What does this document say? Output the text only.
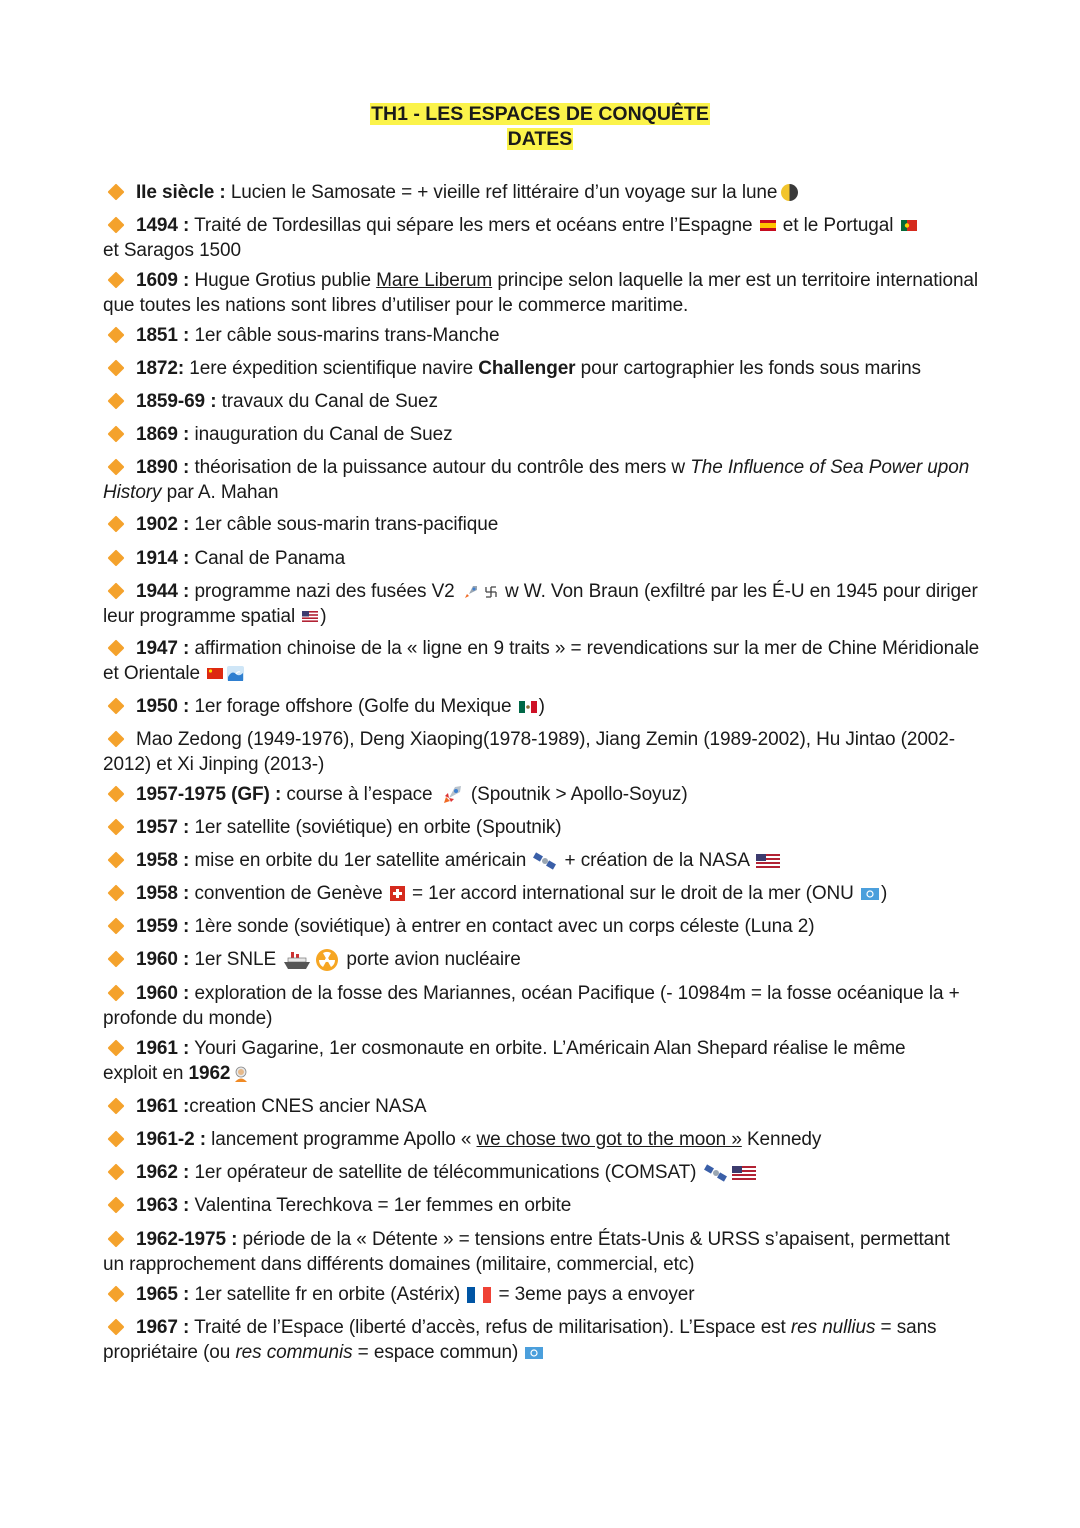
TH1 - LES ESPACES DE CONQUÊTE
DATES
IIe siècle : Lucien le Samosate = + vieille ref littéraire d’un voyage sur la lune
1494 : Traité de Tordesillas qui sépare les mers et océans entre l’Espagne
et le Portugal

et Saragos 1500
1609 : Hugue Grotius publie Mare Liberum principe selon laquelle la mer est un territoire international que toutes les nations sont libres d’utiliser pour le commerce maritime.
1851 : 1er câble sous-marins trans-Manche
1872: 1ere éxpedition scientifique navire Challenger pour cartographier les fonds sous marins
1859-69 : travaux du Canal de Suez
1869 : inauguration du Canal de Suez
1890 : théorisation de la puissance autour du contrôle des mers w The Influence of Sea Power upon History par A. Mahan
1902 : 1er câble sous-marin trans-pacifique
1914 : Canal de Panama
1944 : programme nazi des fusées V2
w W. Von Braun (exfiltré par les É-U en 1945 pour diriger leur programme spatial
)
1947 : affirmation chinoise de la « ligne en 9 traits » = revendications sur la mer de Chine Méridionale et Orientale
1950 : 1er forage offshore (Golfe du Mexique
)
Mao Zedong (1949-1976), Deng Xiaoping(1978-1989), Jiang Zemin (1989-2002), Hu Jintao (2002-2012) et Xi Jinping (2013-)
1957-1975 (GF) : course à l’espace
(Spoutnik > Apollo-Soyuz)
1957 : 1er satellite (soviétique) en orbite (Spoutnik)
1958 : mise en orbite du 1er satellite américain
+ création de la NASA
1958 : convention de Genève
= 1er accord international sur le droit de la mer (ONU
)
1959 : 1ère sonde (soviétique) à entrer en contact avec un corps céleste (Luna 2)
1960 : 1er SNLE	porte avion nucléaire
1960 : exploration de la fosse des Mariannes, océan Pacifique (- 10984m = la fosse océanique la + profonde du monde)
1961 : Youri Gagarine, 1er cosmonaute en orbite. L’Américain Alan Shepard réalise le même exploit en 1962
1961 :creation CNES ancier NASA
1961-2 : lancement programme Apollo « we chose two got to the moon » Kennedy
1962 : 1er opérateur de satellite de télécommunications (COMSAT)
1963 : Valentina Terechkova = 1er femmes en orbite
1962-1975 : période de la « Détente » = tensions entre États-Unis & URSS s’apaisent, permettant un rapprochement dans différents domaines (militaire, commercial, etc)
1965 : 1er satellite fr en orbite (Astérix)
= 3eme pays a envoyer
1967 : Traité de l’Espace (liberté d’accès, refus de militarisation). L’Espace est res nullius = sans propriétaire (ou res communis = espace commun)
